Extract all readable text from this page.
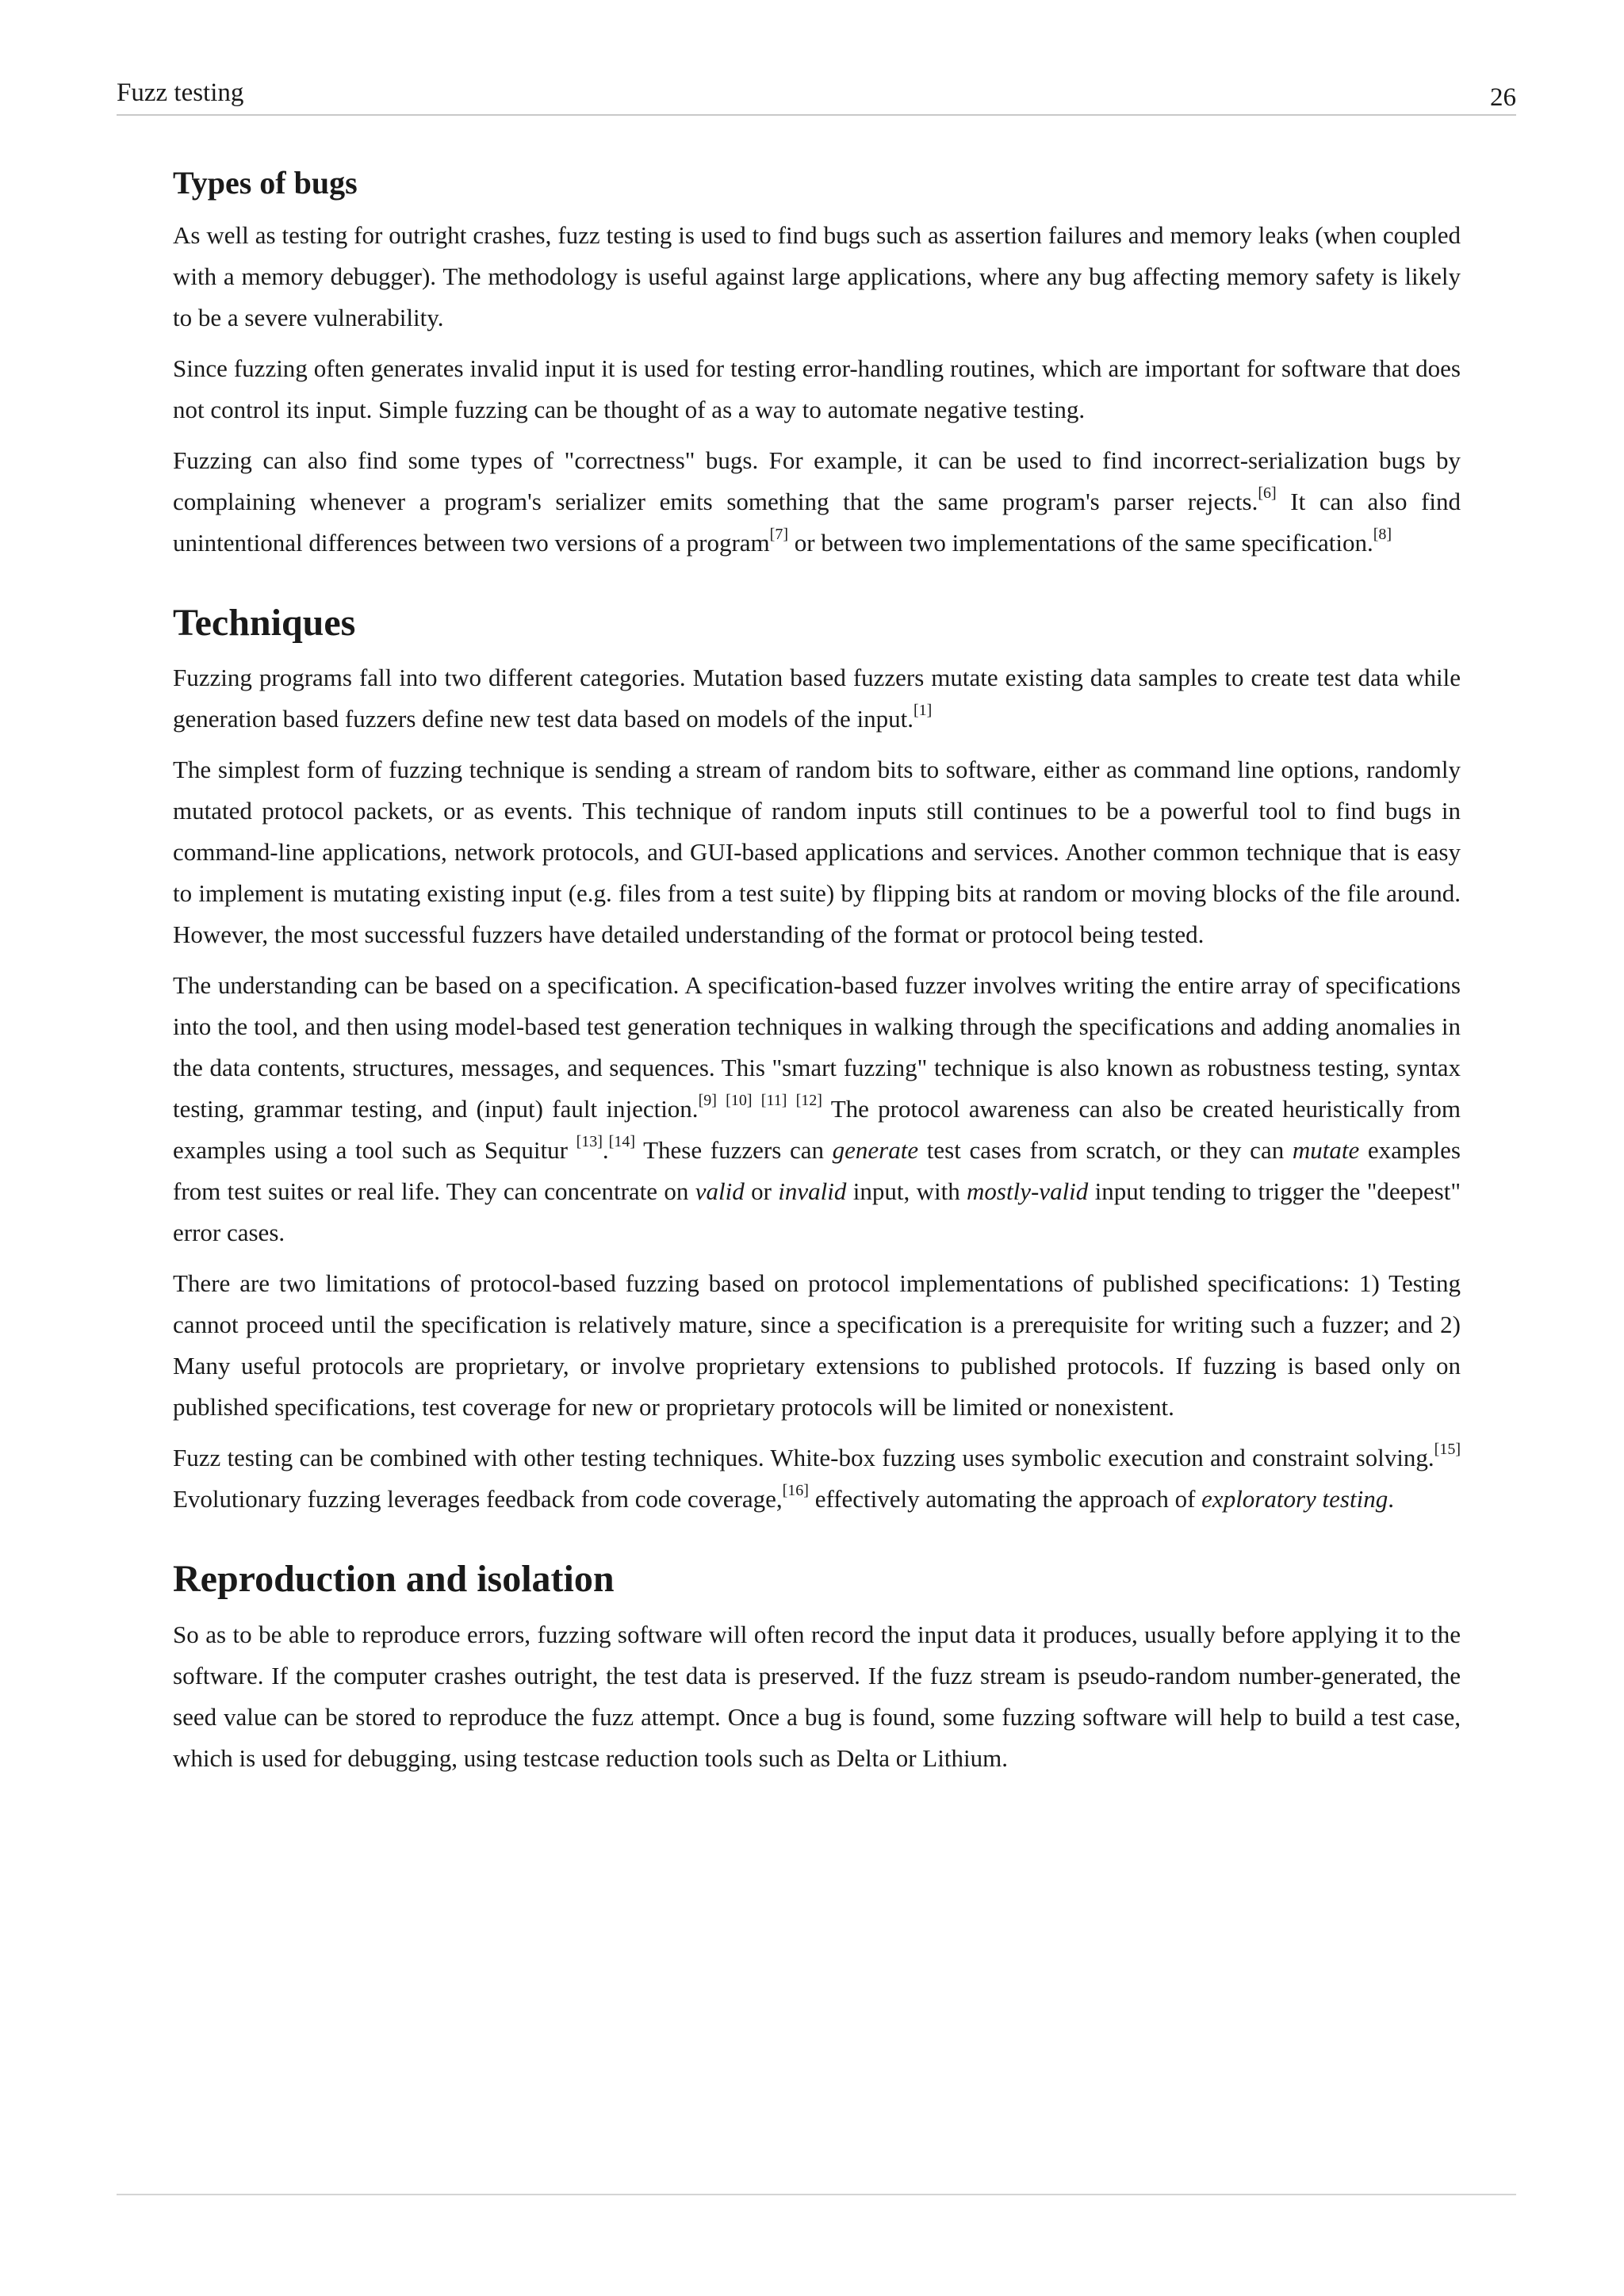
Fuzz testing	26
Types of bugs

As well as testing for outright crashes, fuzz testing is used to find bugs such as assertion failures and memory leaks (when coupled with a memory debugger). The methodology is useful against large applications, where any bug affecting memory safety is likely to be a severe vulnerability.

Since fuzzing often generates invalid input it is used for testing error-handling routines, which are important for software that does not control its input. Simple fuzzing can be thought of as a way to automate negative testing.

Fuzzing can also find some types of "correctness" bugs. For example, it can be used to find incorrect-serialization bugs by complaining whenever a program's serializer emits something that the same program's parser rejects.[6] It can also find unintentional differences between two versions of a program[7] or between two implementations of the same specification.[8]

Techniques

Fuzzing programs fall into two different categories. Mutation based fuzzers mutate existing data samples to create test data while generation based fuzzers define new test data based on models of the input.[1]

The simplest form of fuzzing technique is sending a stream of random bits to software, either as command line options, randomly mutated protocol packets, or as events. This technique of random inputs still continues to be a powerful tool to find bugs in command-line applications, network protocols, and GUI-based applications and services. Another common technique that is easy to implement is mutating existing input (e.g. files from a test suite) by flipping bits at random or moving blocks of the file around. However, the most successful fuzzers have detailed understanding of the format or protocol being tested.

The understanding can be based on a specification. A specification-based fuzzer involves writing the entire array of specifications into the tool, and then using model-based test generation techniques in walking through the specifications and adding anomalies in the data contents, structures, messages, and sequences. This "smart fuzzing" technique is also known as robustness testing, syntax testing, grammar testing, and (input) fault injection.[9] [10] [11] [12] The protocol awareness can also be created heuristically from examples using a tool such as Sequitur [13].[14] These fuzzers can generate test cases from scratch, or they can mutate examples from test suites or real life. They can concentrate on valid or invalid input, with mostly-valid input tending to trigger the "deepest" error cases.

There are two limitations of protocol-based fuzzing based on protocol implementations of published specifications: 1) Testing cannot proceed until the specification is relatively mature, since a specification is a prerequisite for writing such a fuzzer; and 2) Many useful protocols are proprietary, or involve proprietary extensions to published protocols. If fuzzing is based only on published specifications, test coverage for new or proprietary protocols will be limited or nonexistent.

Fuzz testing can be combined with other testing techniques. White-box fuzzing uses symbolic execution and constraint solving.[15] Evolutionary fuzzing leverages feedback from code coverage,[16] effectively automating the approach of exploratory testing.

Reproduction and isolation

So as to be able to reproduce errors, fuzzing software will often record the input data it produces, usually before applying it to the software. If the computer crashes outright, the test data is preserved. If the fuzz stream is pseudo-random number-generated, the seed value can be stored to reproduce the fuzz attempt. Once a bug is found, some fuzzing software will help to build a test case, which is used for debugging, using testcase reduction tools such as Delta or Lithium.
